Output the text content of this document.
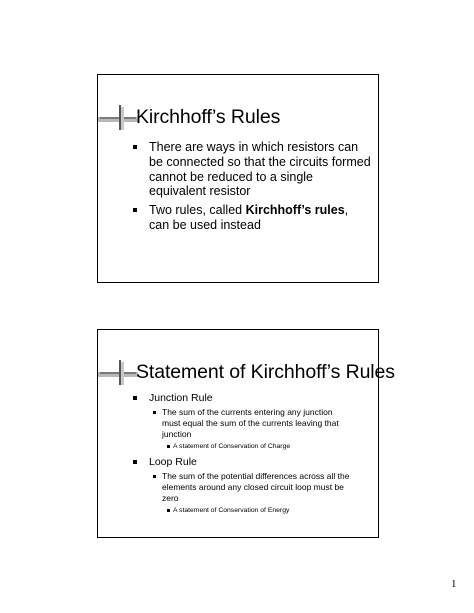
Kirchhoff’s Rules
There are ways in which resistors can
be connected so that the circuits formed
cannot be reduced to a single
equivalent resistor
Two rules, called Kirchhoff’s rules,
can be used instead
Statement of Kirchhoff’s Rules
Junction Rule
The sum of the currents entering any junction
must equal the sum of the currents leaving that
junction
A statement of Conservation of Charge
Loop Rule
The sum of the potential differences across all the
elements around any closed circuit loop must be
zero
A statement of Conservation of Energy
1
